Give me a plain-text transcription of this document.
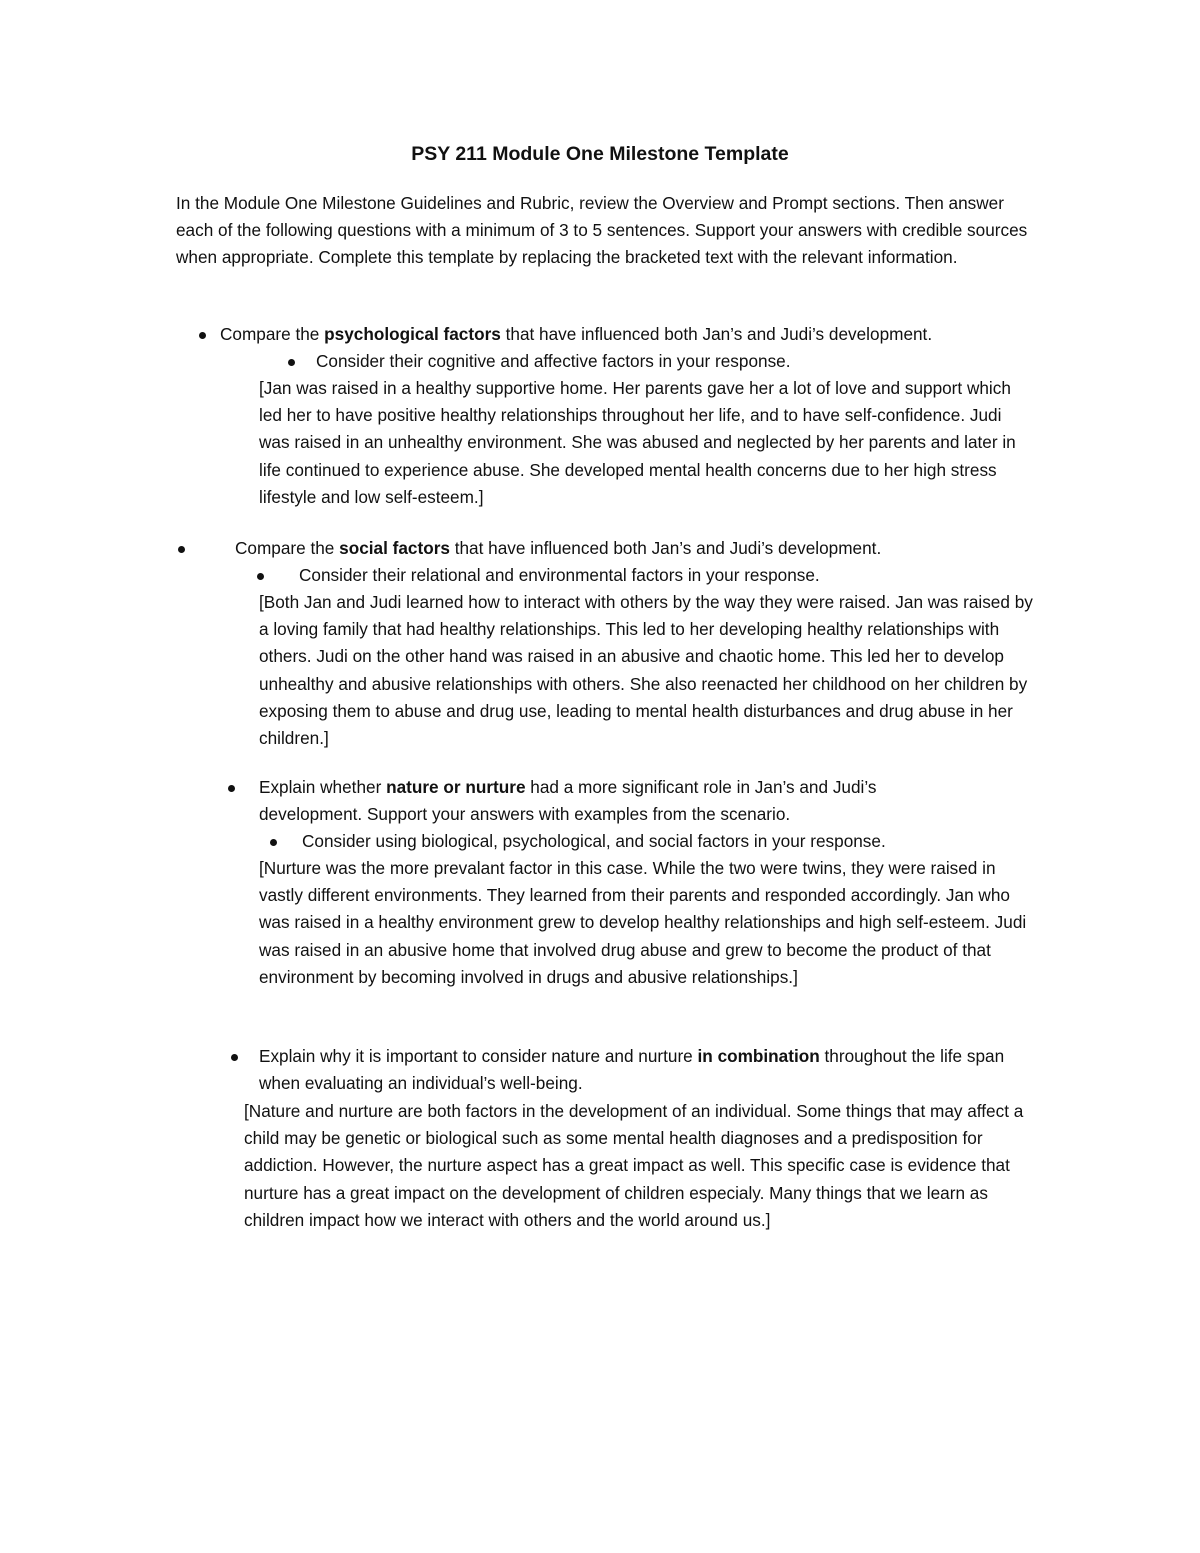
PSY 211 Module One Milestone Template
In the Module One Milestone Guidelines and Rubric, review the Overview and Prompt sections. Then answer each of the following questions with a minimum of 3 to 5 sentences. Support your answers with credible sources when appropriate. Complete this template by replacing the bracketed text with the relevant information.
Compare the psychological factors that have influenced both Jan’s and Judi’s development.
Consider their cognitive and affective factors in your response.
[Jan was raised in a healthy supportive home. Her parents gave her a lot of love and support which led her to have positive healthy relationships throughout her life, and to have self-confidence. Judi was raised in an unhealthy environment. She was abused and neglected by her parents and later in life continued to experience abuse. She developed mental health concerns due to her high stress lifestyle and low self-esteem.]
Compare the social factors that have influenced both Jan’s and Judi’s development.
Consider their relational and environmental factors in your response.
[Both Jan and Judi learned how to interact with others by the way they were raised. Jan was raised by a loving family that had healthy relationships. This led to her developing healthy relationships with others. Judi on the other hand was raised in an abusive and chaotic home. This led her to develop unhealthy and abusive relationships with others. She also reenacted her childhood on her children by exposing them to abuse and drug use, leading to mental health disturbances and drug abuse in her children.]
Explain whether nature or nurture had a more significant role in Jan’s and Judi’s development. Support your answers with examples from the scenario.
Consider using biological, psychological, and social factors in your response.
[Nurture was the more prevalant factor in this case. While the two were twins, they were raised in vastly different environments. They learned from their parents and responded accordingly. Jan who was raised in a healthy environment grew to develop healthy relationships and high self-esteem. Judi was raised in an abusive home that involved drug abuse and grew to become the product of that environment by becoming involved in drugs and abusive relationships.]
Explain why it is important to consider nature and nurture in combination throughout the life span when evaluating an individual’s well-being.
[Nature and nurture are both factors in the development of an individual. Some things that may affect a child may be genetic or biological such as some mental health diagnoses and a predisposition for addiction. However, the nurture aspect has a great impact as well. This specific case is evidence that nurture has a great impact on the development of children especialy. Many things that we learn as children impact how we interact with others and the world around us.]
